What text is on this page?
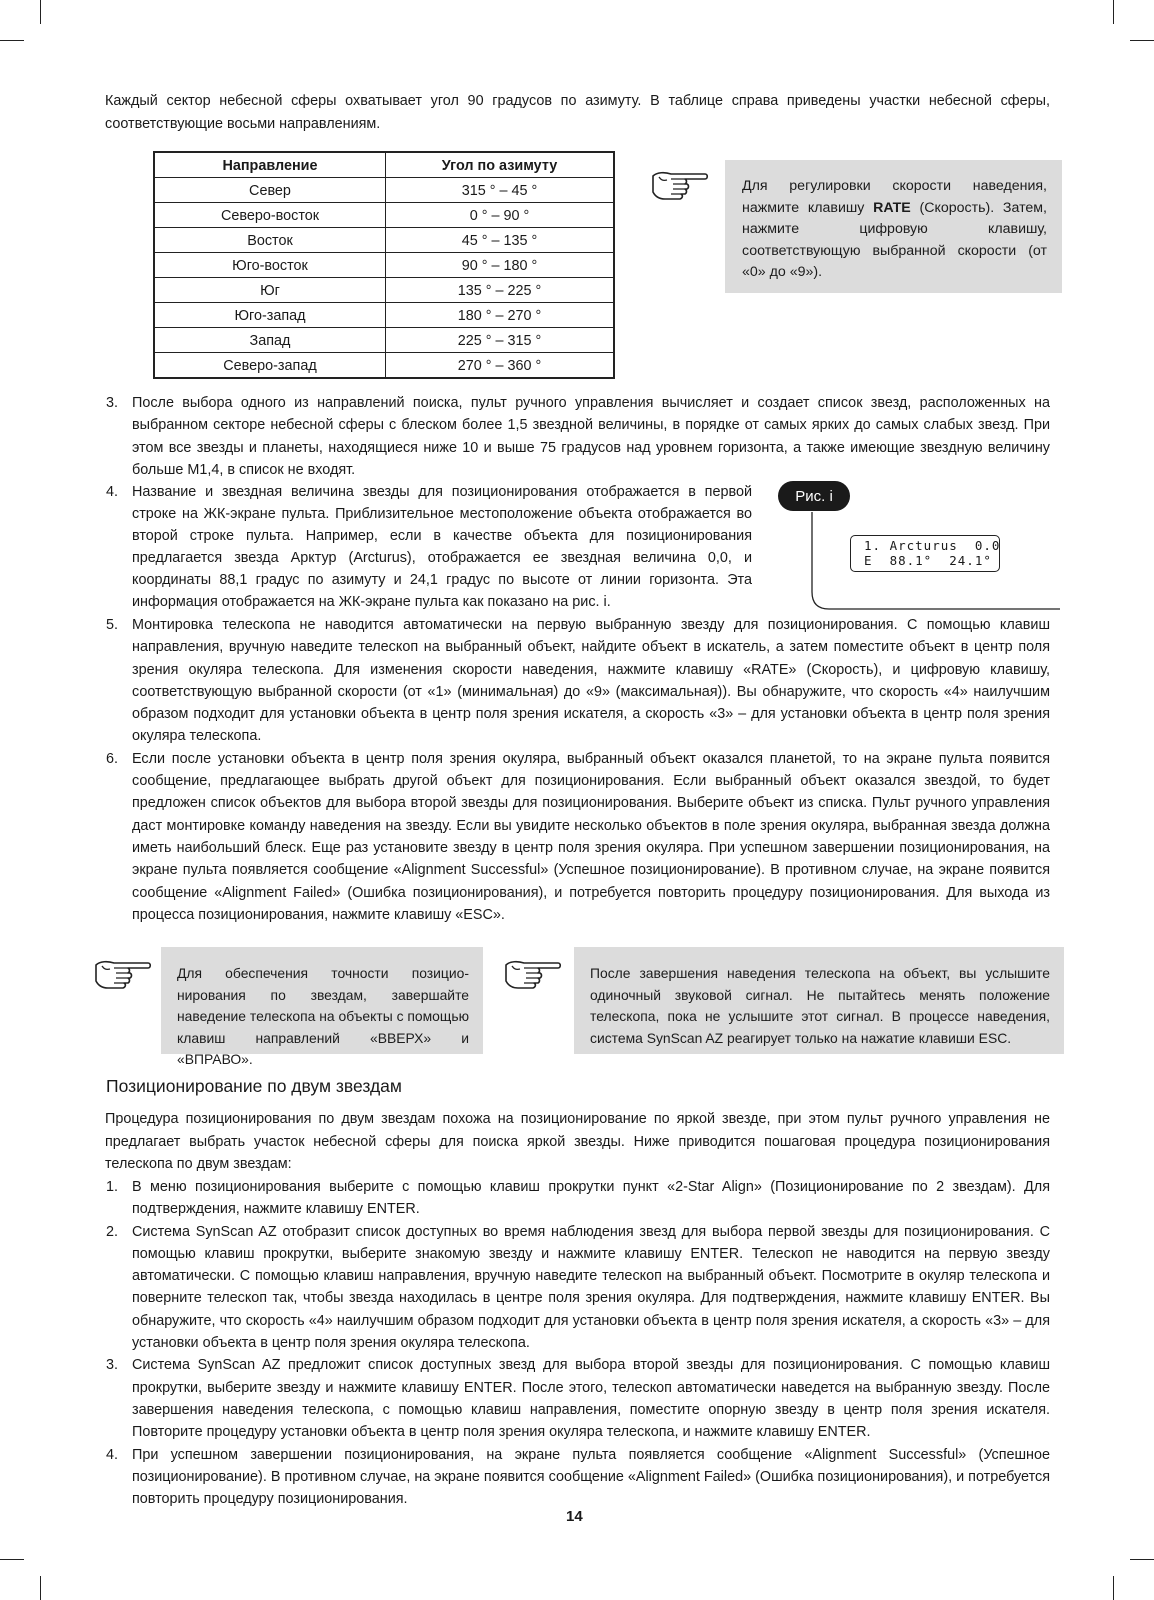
Каждый сектор небесной сферы охватывает угол 90 градусов по азимуту. В таблице справа приведены участки небесной сферы, соответствующие восьми направлениям.

Направление	Угол по азимуту
Север	315 ° – 45 °
Северо-восток	0 ° – 90 °
Восток	45 ° – 135 °
Юго-восток	90 ° – 180 °
Юг	135 ° – 225 °
Юго-запад	180 ° – 270 °
Запад	225 ° – 315 °
Северо-запад	270 ° – 360 °
Для регулировки скорости наведения, нажмите клавишу RATE (Скорость). Затем, нажмите цифровую клавишу, соответствующую выбранной скорости (от «0» до «9»).
3. После выбора одного из направлений поиска, пульт ручного управления вычисляет и создает список звезд, расположенных на выбранном секторе небесной сферы с блеском более 1,5 звездной величины, в порядке от самых ярких до самых слабых звезд. При этом все звезды и планеты, находящиеся ниже 10 и выше 75 градусов над уровнем горизонта, а также имеющие звездную величину больше М1,4, в список не входят.
4. Название и звездная величина звезды для позиционирования отображается в первой строке на ЖК-экране пульта. Приблизительное местоположение объекта отображается во второй строке пульта. Например, если в качестве объекта для позиционирования предлагается звезда Арктур (Arcturus), отображается ее звездная величина 0,0, и координаты 88,1 градус по азимуту и 24,1 градус по высоте от линии горизонта. Эта информация отображается на ЖК-экране пульта как показано на рис. i.
Рис. i
1. Arcturus  0.0
E  88.1°  24.1°
5. Монтировка телескопа не наводится автоматически на первую выбранную звезду для позиционирования. С помощью клавиш направления, вручную наведите телескоп на выбранный объект, найдите объект в искатель, а затем поместите объект в центр поля зрения окуляра телескопа. Для изменения скорости наведения, нажмите клавишу «RATE» (Скорость), и цифровую клавишу, соответствующую выбранной скорости (от «1» (минимальная) до «9» (максимальная)). Вы обнаружите, что скорость «4» наилучшим образом подходит для установки объекта в центр поля зрения искателя, а скорость «3» – для установки объекта в центр поля зрения окуляра телескопа.
6. Если после установки объекта в центр поля зрения окуляра, выбранный объект оказался планетой, то на экране пульта появится сообщение, предлагающее выбрать другой объект для позиционирования. Если выбранный объект оказался звездой, то будет предложен список объектов для выбора второй звезды для позиционирования. Выберите объект из списка. Пульт ручного управления даст монтировке команду наведения на звезду. Если вы увидите несколько объектов в поле зрения окуляра, выбранная звезда должна иметь наибольший блеск. Еще раз установите звезду в центр поля зрения окуляра. При успешном завершении позиционирования, на экране пульта появляется сообщение «Alignment Successful» (Успешное позиционирование). В противном случае, на экране появится сообщение «Alignment Failed» (Ошибка позиционирования), и потребуется повторить процедуру позиционирования. Для выхода из процесса позиционирования, нажмите клавишу «ESC».
Для обеспечения точности позицио-нирования по звездам, завершайте наведение телескопа на объекты с помощью клавиш направлений «ВВЕРХ» и «ВПРАВО».
После завершения наведения телескопа на объект, вы услышите одиночный звуковой сигнал. Не пытайтесь менять положение телескопа, пока не услышите этот сигнал. В процессе наведения, система SynScan AZ реагирует только на нажатие клавиши ESC.
Позиционирование по двум звездам

Процедура позиционирования по двум звездам похожа на позиционирование по яркой звезде, при этом пульт ручного управления не предлагает выбрать участок небесной сферы для поиска яркой звезды. Ниже приводится пошаговая процедура позиционирования телескопа по двум звездам:

1. В меню позиционирования выберите с помощью клавиш прокрутки пункт «2-Star Align» (Позиционирование по 2 звездам). Для подтверждения, нажмите клавишу ENTER.
2. Система SynScan AZ отобразит список доступных во время наблюдения звезд для выбора первой звезды для позиционирования. С помощью клавиш прокрутки, выберите знакомую звезду и нажмите клавишу ENTER. Телескоп не наводится на первую звезду автоматически. С помощью клавиш направления, вручную наведите телескоп на выбранный объект. Посмотрите в окуляр телескопа и поверните телескоп так, чтобы звезда находилась в центре поля зрения окуляра. Для подтверждения, нажмите клавишу ENTER. Вы обнаружите, что скорость «4» наилучшим образом подходит для установки объекта в центр поля зрения искателя, а скорость «3» – для установки объекта в центр поля зрения окуляра телескопа.
3. Система SynScan AZ предложит список доступных звезд для выбора второй звезды для позиционирования. С помощью клавиш прокрутки, выберите звезду и нажмите клавишу ENTER. После этого, телескоп автоматически наведется на выбранную звезду. После завершения наведения телескопа, с помощью клавиш направления, поместите опорную звезду в центр поля зрения искателя. Повторите процедуру установки объекта в центр поля зрения окуляра телескопа, и нажмите клавишу ENTER.
4. При успешном завершении позиционирования, на экране пульта появляется сообщение «Alignment Successful» (Успешное позиционирование). В противном случае, на экране появится сообщение «Alignment Failed» (Ошибка позиционирования), и потребуется повторить процедуру позиционирования.
14
